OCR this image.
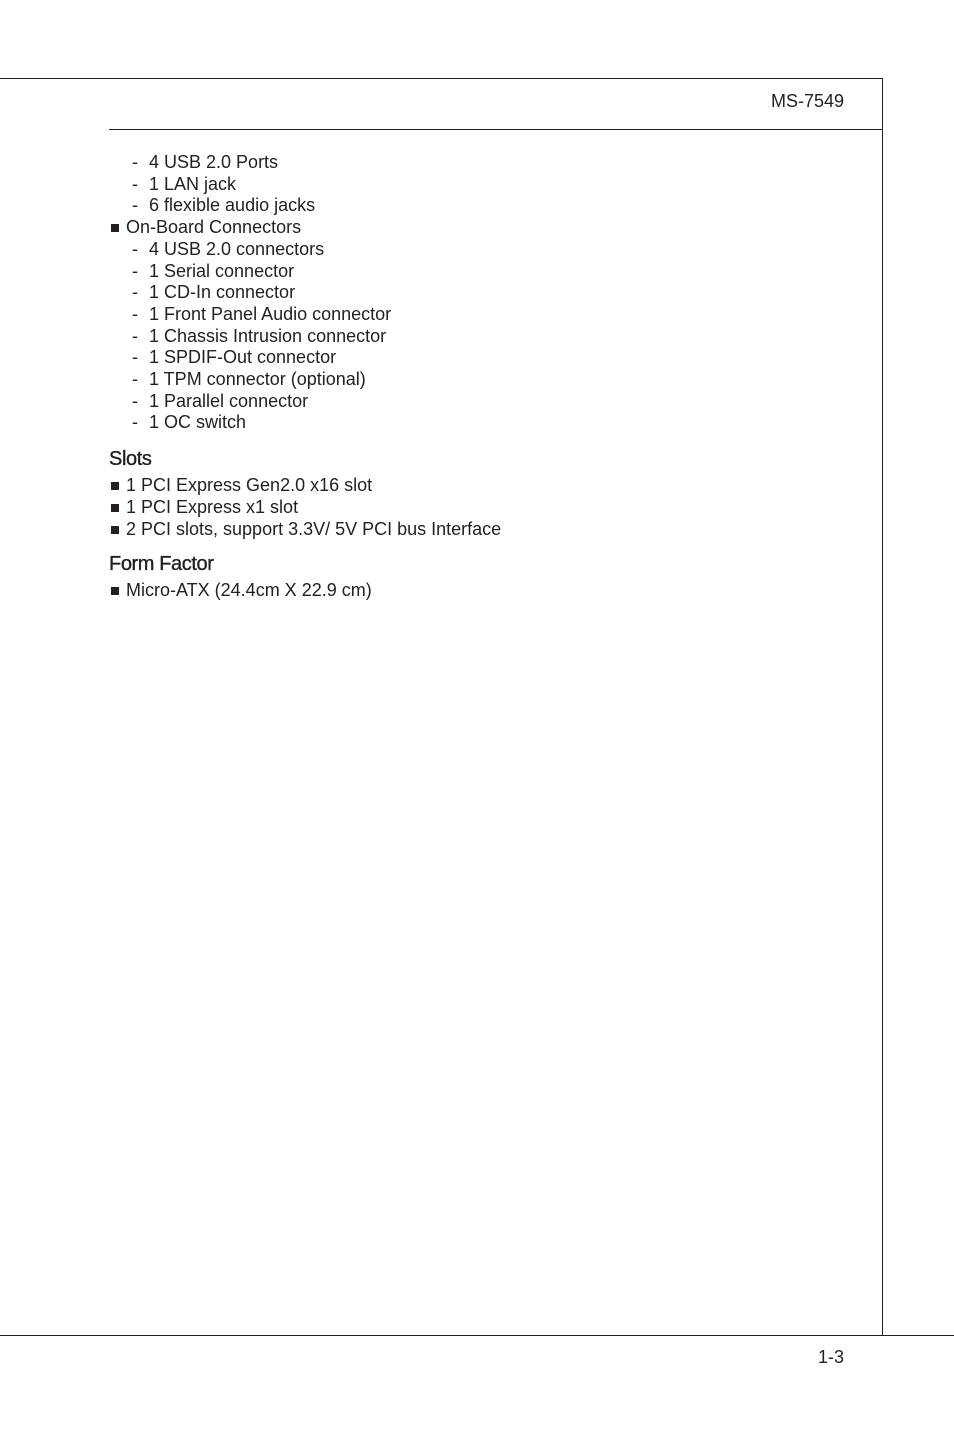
MS-7549
- 4 USB 2.0 Ports
- 1 LAN jack
- 6 flexible audio jacks
On-Board Connectors
- 4 USB 2.0 connectors
- 1 Serial connector
- 1 CD-In connector
- 1 Front Panel Audio connector
- 1 Chassis Intrusion connector
- 1 SPDIF-Out connector
- 1 TPM connector (optional)
- 1 Parallel connector
- 1 OC switch
Slots
1 PCI Express Gen2.0 x16 slot
1 PCI Express x1 slot
2 PCI slots, support 3.3V/ 5V PCI bus Interface
Form Factor
Micro-ATX (24.4cm X 22.9 cm)
1-3
